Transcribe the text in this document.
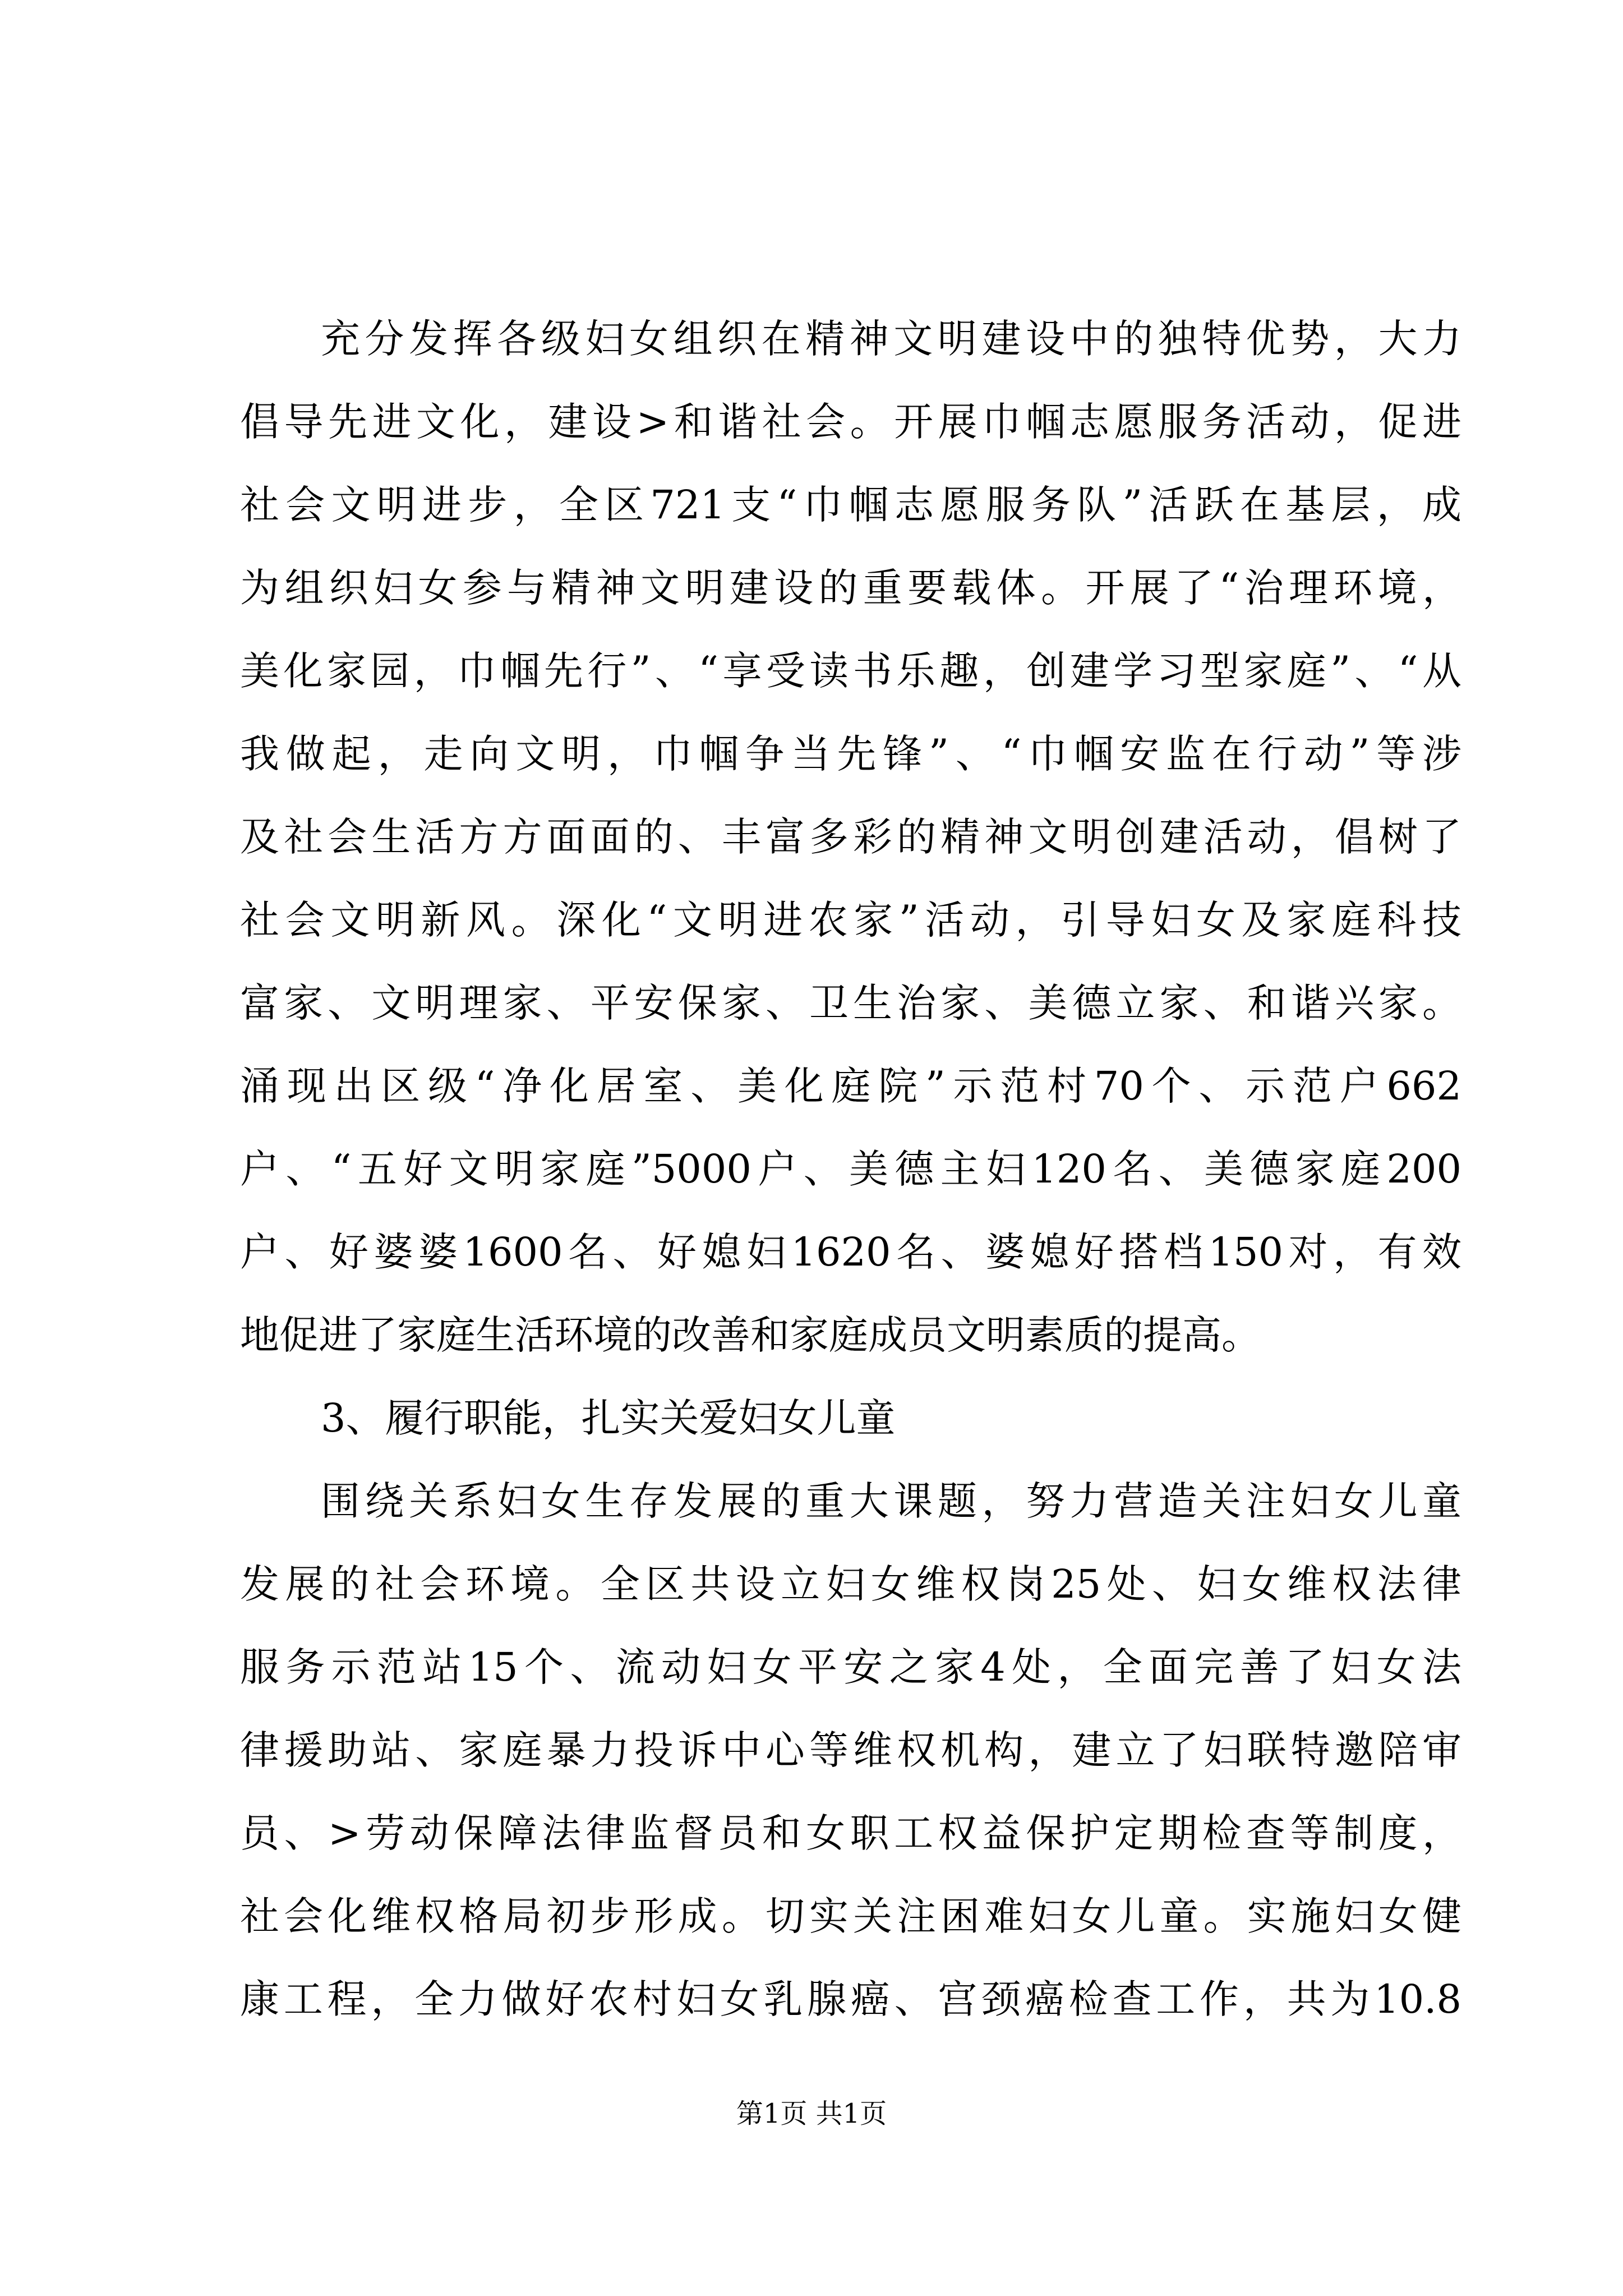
充分发挥各级妇女组织在精神文明建设中的独特优势，大力
倡导先进文化，建设>和谐社会。开展巾帼志愿服务活动，促进
社会文明进步，全区721支“巾帼志愿服务队”活跃在基层，成
为组织妇女参与精神文明建设的重要载体。开展了“治理环境，
美化家园，巾帼先行”、“享受读书乐趣，创建学习型家庭”、“从
我做起，走向文明，巾帼争当先锋”、“巾帼安监在行动”等涉
及社会生活方方面面的、丰富多彩的精神文明创建活动，倡树了
社会文明新风。深化“文明进农家”活动，引导妇女及家庭科技
富家、文明理家、平安保家、卫生治家、美德立家、和谐兴家。
涌现出区级“净化居室、美化庭院”示范村70个、示范户662
户、“五好文明家庭”5000户、美德主妇120名、美德家庭200
户、好婆婆1600名、好媳妇1620名、婆媳好搭档150对，有效
地促进了家庭生活环境的改善和家庭成员文明素质的提高。
3、履行职能，扎实关爱妇女儿童
围绕关系妇女生存发展的重大课题，努力营造关注妇女儿童
发展的社会环境。全区共设立妇女维权岗25处、妇女维权法律
服务示范站15个、流动妇女平安之家4处，全面完善了妇女法
律援助站、家庭暴力投诉中心等维权机构，建立了妇联特邀陪审
员、>劳动保障法律监督员和女职工权益保护定期检查等制度，
社会化维权格局初步形成。切实关注困难妇女儿童。实施妇女健
康工程，全力做好农村妇女乳腺癌、宫颈癌检查工作，共为10.8
第1页 共1页
